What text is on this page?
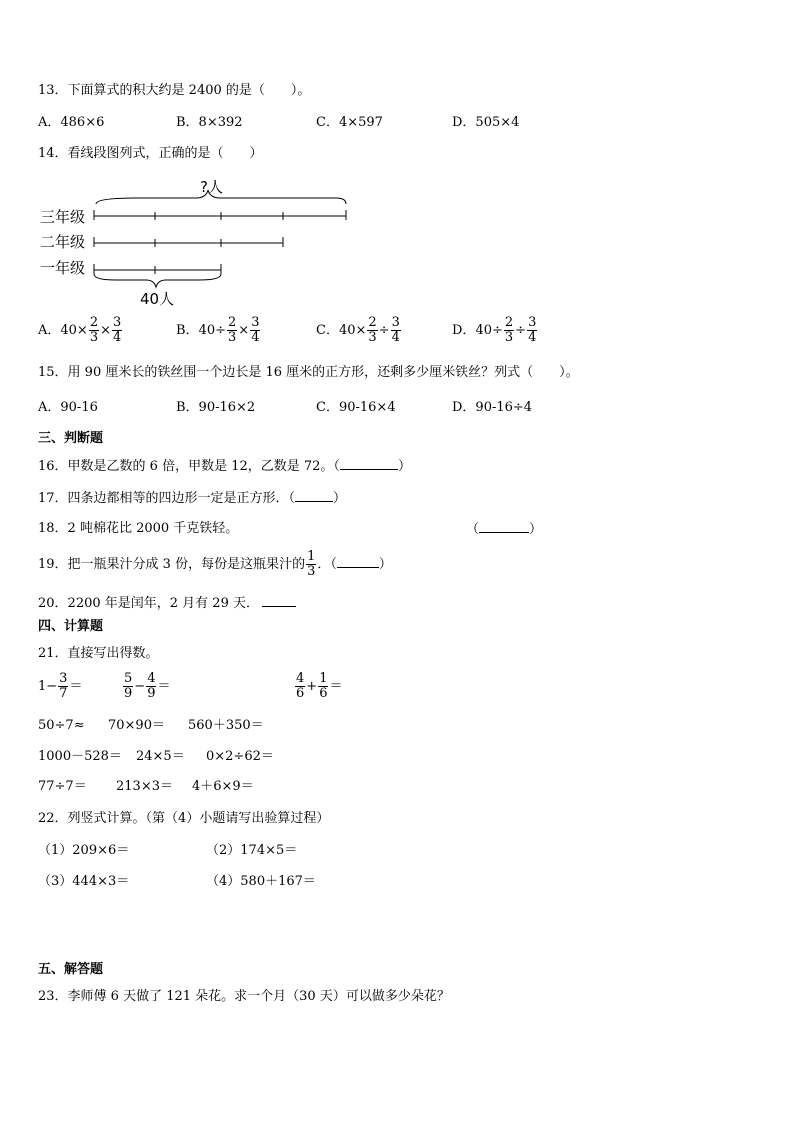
13．下面算式的积大约是 2400 的是（　　）。
A．486×6	B．8×392	C．4×597	D．505×4
14．看线段图列式，正确的是（　　）
?人
三年级
二年级
一年级
40人
A．$40\times \frac{2}{3} \times \frac{3}{4}$	B．$40\div \frac{2}{3} \times \frac{3}{4}$	C．$40\times \frac{2}{3} \div \frac{3}{4}$	D．$40\div \frac{2}{3} \div \frac{3}{4}$
15．用 90 厘米长的铁丝围一个边长是 16 厘米的正方形，还剩多少厘米铁丝？列式（　　）。
A．90-16	B．90-16×2	C．90-16×4	D．90-16÷4
三、判断题
16．甲数是乙数的 6 倍，甲数是 12，乙数是 72。（	）
17．四条边都相等的四边形一定是正方形．（	）
18．2 吨棉花比 2000 千克铁轻。	（	）
19．把一瓶果汁分成 3 份，每份是这瓶果汁的 $\frac{1}{3}$ ．（	）
20．2200 年是闰年，2 月有 29 天．
四、计算题
21．直接写出得数。
$1- \frac{3}{7}$ ＝	$\frac{5}{9} - \frac{4}{9}$ ＝	$\frac{4}{6} + \frac{1}{6}$ ＝
50÷7≈ 70×90＝ 560＋350＝
1000－528＝ 24×5＝ 0×2÷62＝
77÷7＝ 213×3＝ 4＋6×9＝
22．列竖式计算。（第（4）小题请写出验算过程）
（1）209×6＝	（2）174×5＝
（3）444×3＝	（4）580＋167＝
五、解答题
23．李师傅 6 天做了 121 朵花。求一个月（30 天）可以做多少朵花？
